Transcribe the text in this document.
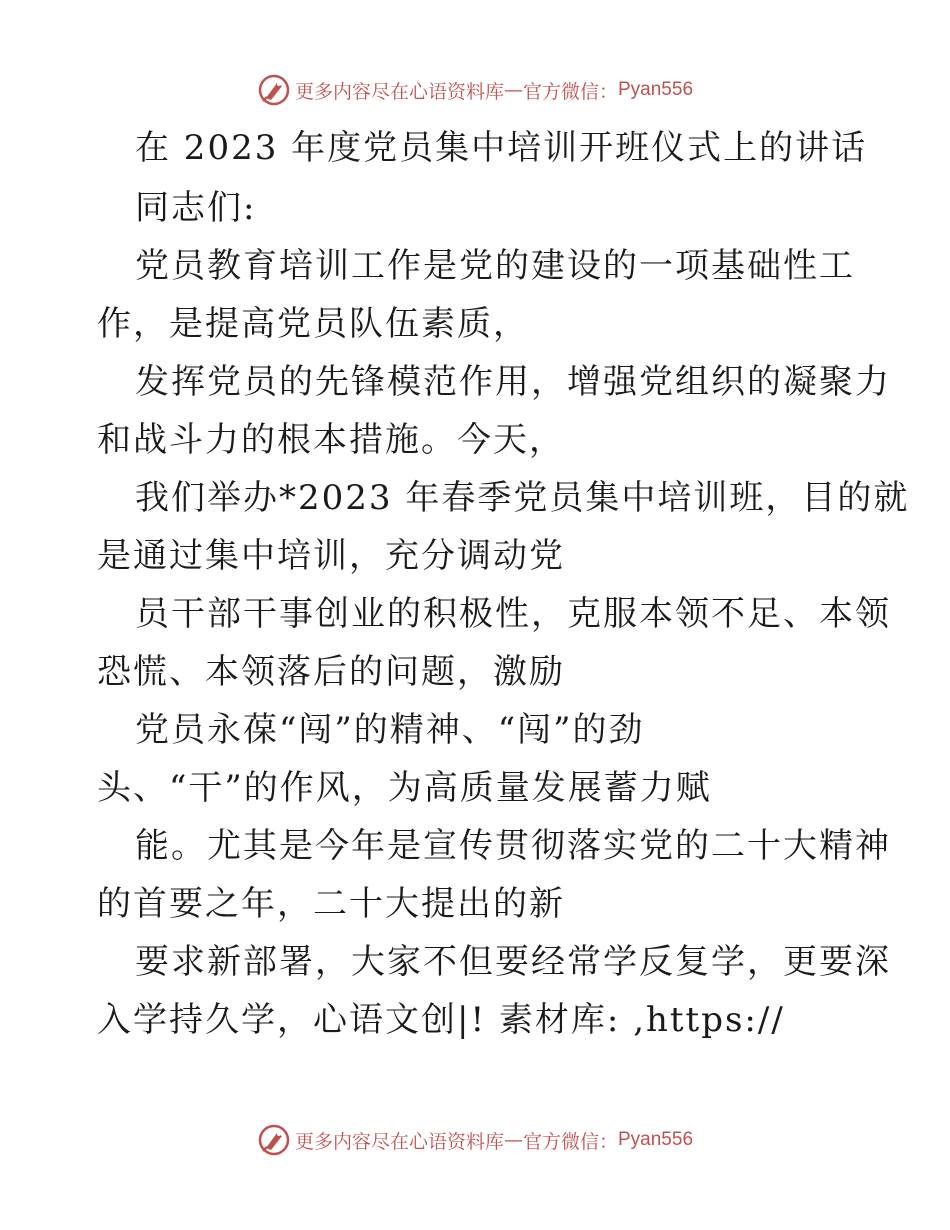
更多内容尽在心语资料库 — 官方微信： Pyan556
在 2023 年度党员集中培训开班仪式上的讲话
同志们:
党员教育培训工作是党的建设的一项基础性工
作，是提高党员队伍素质，
发挥党员的先锋模范作用，增强党组织的凝聚力
和战斗力的根本措施。今天，
我们举办*2023 年春季党员集中培训班，目的就
是通过集中培训，充分调动党
员干部干事创业的积极性，克服本领不足、本领
恐慌、本领落后的问题，激励
党员永葆“闯”的精神、“闯”的劲
头、“干”的作风，为高质量发展蓄力赋
能。尤其是今年是宣传贯彻落实党的二十大精神
的首要之年，二十大提出的新
要求新部署，大家不但要经常学反复学，更要深
入学持久学，心语文创|! 素材库: ,https://
更多内容尽在心语资料库 — 官方微信： Pyan556
